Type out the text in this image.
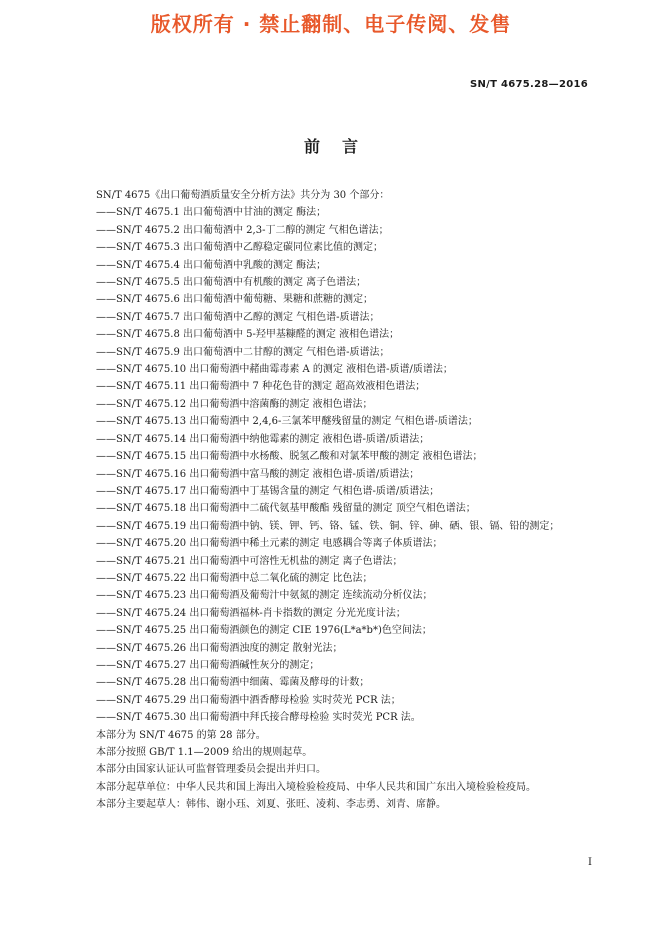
版权所有 · 禁止翻制、电子传阅、发售
SN/T 4675.28—2016
前言

SN/T 4675《出口葡萄酒质量安全分析方法》共分为 30 个部分：

——SN/T 4675.1 出口葡萄酒中甘油的测定 酶法；

——SN/T 4675.2 出口葡萄酒中 2,3-丁二醇的测定 气相色谱法；

——SN/T 4675.3 出口葡萄酒中乙醇稳定碳同位素比值的测定；

——SN/T 4675.4 出口葡萄酒中乳酸的测定 酶法；

——SN/T 4675.5 出口葡萄酒中有机酸的测定 离子色谱法；

——SN/T 4675.6 出口葡萄酒中葡萄糖、果糖和蔗糖的测定；

——SN/T 4675.7 出口葡萄酒中乙醇的测定 气相色谱-质谱法；

——SN/T 4675.8 出口葡萄酒中 5-羟甲基糠醛的测定 液相色谱法；

——SN/T 4675.9 出口葡萄酒中二甘醇的测定 气相色谱-质谱法；

——SN/T 4675.10 出口葡萄酒中赭曲霉毒素 A 的测定 液相色谱-质谱/质谱法；

——SN/T 4675.11 出口葡萄酒中 7 种花色苷的测定 超高效液相色谱法；

——SN/T 4675.12 出口葡萄酒中溶菌酶的测定 液相色谱法；

——SN/T 4675.13 出口葡萄酒中 2,4,6-三氯苯甲醚残留量的测定 气相色谱-质谱法；

——SN/T 4675.14 出口葡萄酒中纳他霉素的测定 液相色谱-质谱/质谱法；

——SN/T 4675.15 出口葡萄酒中水杨酸、脱氢乙酸和对氯苯甲酸的测定 液相色谱法；

——SN/T 4675.16 出口葡萄酒中富马酸的测定 液相色谱-质谱/质谱法；

——SN/T 4675.17 出口葡萄酒中丁基锡含量的测定 气相色谱-质谱/质谱法；

——SN/T 4675.18 出口葡萄酒中二硫代氨基甲酸酯 残留量的测定 顶空气相色谱法；

——SN/T 4675.19 出口葡萄酒中钠、镁、钾、钙、铬、锰、铁、铜、锌、砷、硒、银、镉、铅的测定；

——SN/T 4675.20 出口葡萄酒中稀土元素的测定 电感耦合等离子体质谱法；

——SN/T 4675.21 出口葡萄酒中可溶性无机盐的测定 离子色谱法；

——SN/T 4675.22 出口葡萄酒中总二氧化硫的测定 比色法；

——SN/T 4675.23 出口葡萄酒及葡萄汁中氨氮的测定 连续流动分析仪法；

——SN/T 4675.24 出口葡萄酒福林-肖卡指数的测定 分光光度计法；

——SN/T 4675.25 出口葡萄酒颜色的测定 CIE 1976(L*a*b*)色空间法；

——SN/T 4675.26 出口葡萄酒浊度的测定 散射光法；

——SN/T 4675.27 出口葡萄酒碱性灰分的测定；

——SN/T 4675.28 出口葡萄酒中细菌、霉菌及酵母的计数；

——SN/T 4675.29 出口葡萄酒中酒香酵母检验 实时荧光 PCR 法；

——SN/T 4675.30 出口葡萄酒中拜氏接合酵母检验 实时荧光 PCR 法。

本部分为 SN/T 4675 的第 28 部分。

本部分按照 GB/T 1.1—2009 给出的规则起草。

本部分由国家认证认可监督管理委员会提出并归口。

本部分起草单位：中华人民共和国上海出入境检验检疫局、中华人民共和国广东出入境检验检疫局。

本部分主要起草人：韩伟、谢小珏、刘夏、张旺、凌莉、李志勇、刘青、席静。

I
